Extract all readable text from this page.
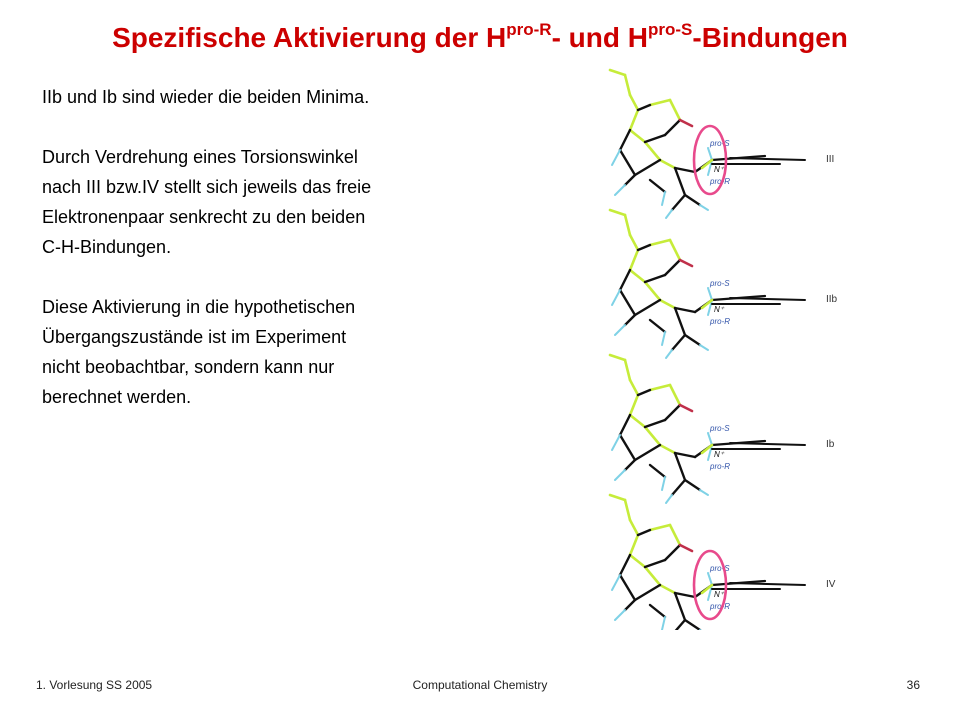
Spezifische Aktivierung der $H^{pro-R}-$ und $H^{pro-S}$-Bindungen

IIb und Ib sind wieder die beiden Minima.

Durch Verdrehung eines Torsionswinkel

nach III bzw.IV stellt sich jeweils das freie

Elektronenpaar senkrecht zu den beiden

C-H-Bindungen.

Diese Aktivierung in die hypothetischen

Übergangszustände ist im Experiment

nicht beobachtbar, sondern kann nur

berechnet werden.

N⁺
pro-S
pro-R
III
N⁺
pro-S
pro-R
IIb
N⁺
pro-S
pro-R
Ib
N⁺
pro-S
pro-R
IV
1. Vorlesung SS 2005	Computational Chemistry	36
